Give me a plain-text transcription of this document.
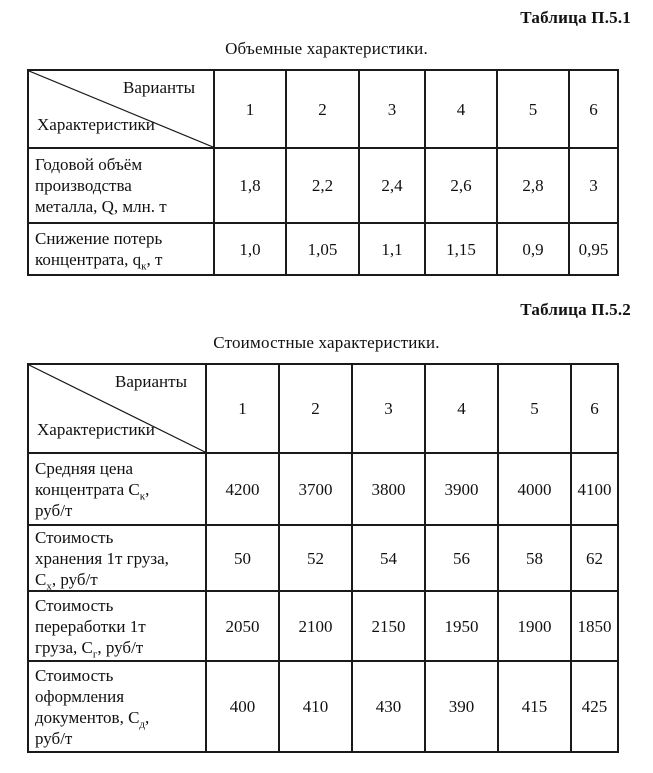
Таблица П.5.1
Объемные характеристики.
Варианты
Характеристики	1	2	3	4	5	6
Годовой объём
производства
металла, Q, млн. т	1,8	2,2	2,4	2,6	2,8	3
Снижение потерь
концентрата, $q_к$, т	1,0	1,05	1,1	1,15	0,9	0,95
Таблица П.5.2
Стоимостные характеристики.
Варианты
Характеристики	1	2	3	4	5	6
Средняя цена
концентрата $С_к$,
руб/т	4200	3700	3800	3900	4000	4100
Стоимость
хранения 1т груза,
$С_х$, руб/т	50	52	54	56	58	62
Стоимость
переработки 1т
груза, $С_г$, руб/т	2050	2100	2150	1950	1900	1850
Стоимость
оформления
документов, $С_д$,
руб/т	400	410	430	390	415	425
